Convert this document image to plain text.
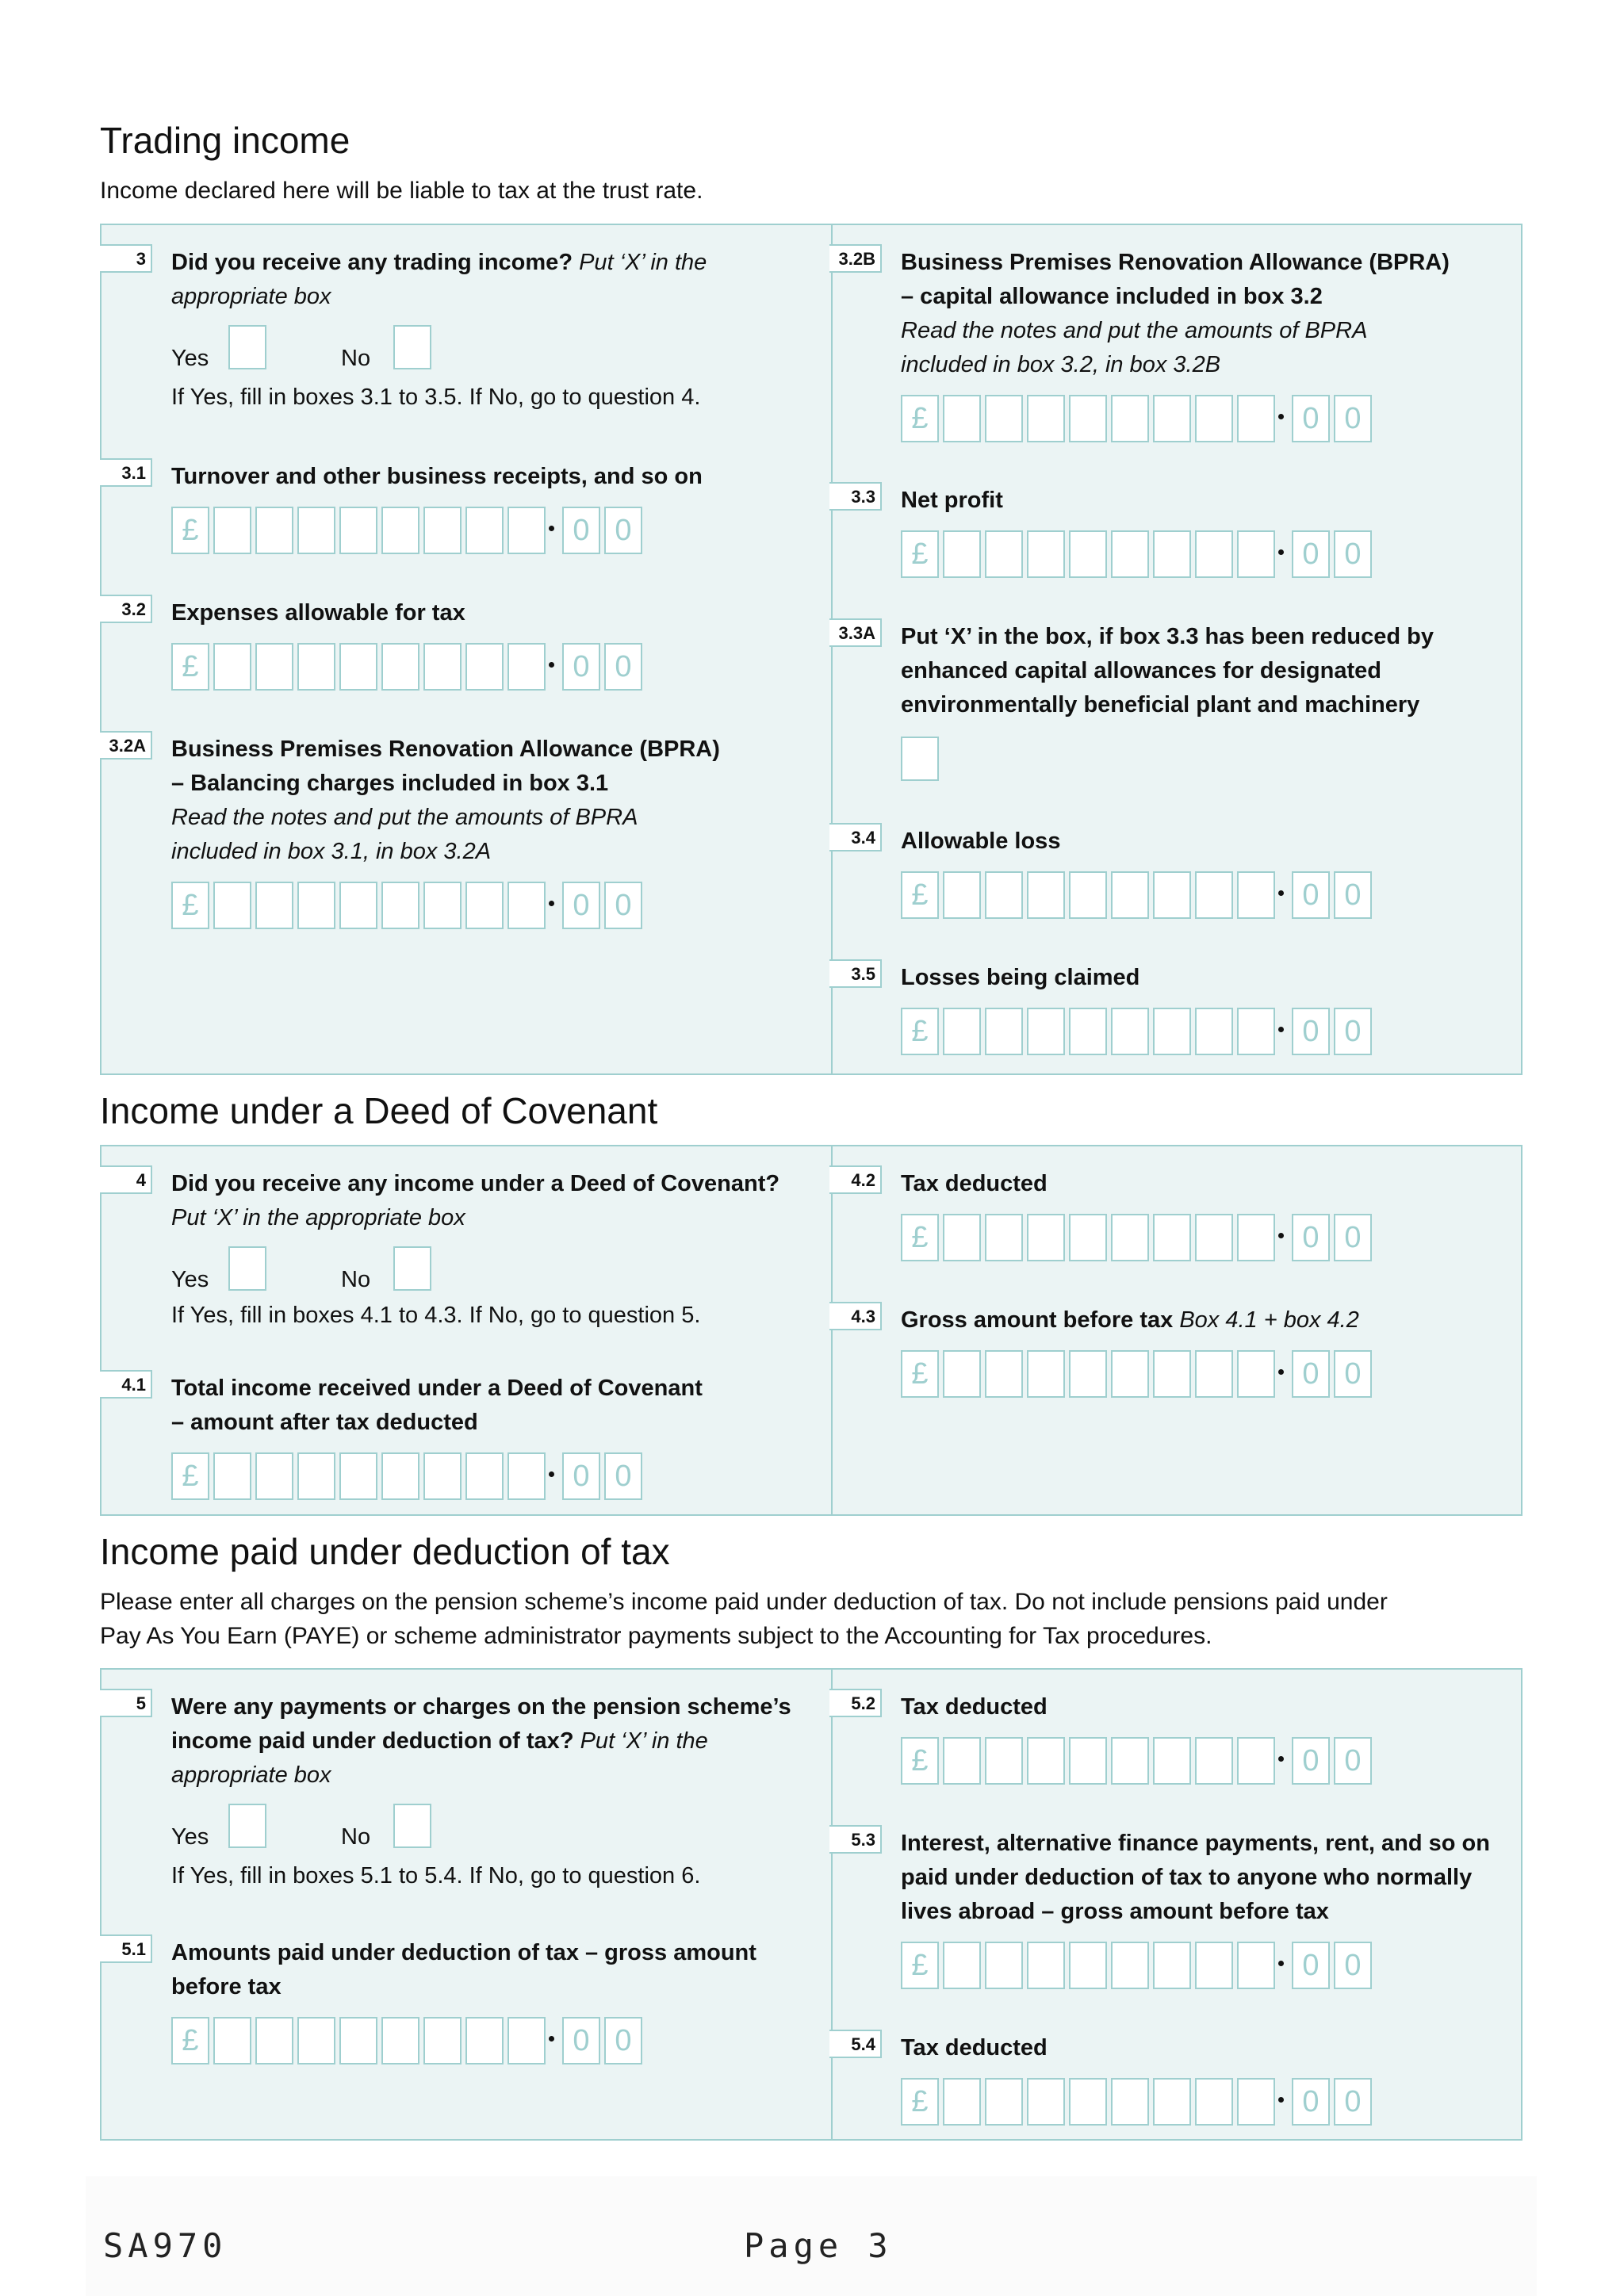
Trading income

Income declared here will be liable to tax at the trust rate.

3 Did you receive any trading income? Put ‘X’ in the appropriate box
Yes	No
If Yes, fill in boxes 3.1 to 3.5. If No, go to question 4.
3.1 Turnover and other business receipts, and so on
£	0 0
3.2 Expenses allowable for tax
£	0 0
3.2A Business Premises Renovation Allowance (BPRA)
– Balancing charges included in box 3.1
Read the notes and put the amounts of BPRA included in box 3.1, in box 3.2A
£	0 0
3.2B Business Premises Renovation Allowance (BPRA)
– capital allowance included in box 3.2
Read the notes and put the amounts of BPRA included in box 3.2, in box 3.2B
£	0 0
3.3 Net profit
£	0 0
3.3A Put ‘X’ in the box, if box 3.3 has been reduced by enhanced capital allowances for designated environmentally beneficial plant and machinery
3.4 Allowable loss
£	0 0
3.5 Losses being claimed
£	0 0
Income under a Deed of Covenant
4 Did you receive any income under a Deed of Covenant?
Put ‘X’ in the appropriate box
Yes	No
If Yes, fill in boxes 4.1 to 4.3. If No, go to question 5.
4.1 Total income received under a Deed of Covenant
– amount after tax deducted
£	0 0
4.2 Tax deducted
£	0 0
4.3 Gross amount before tax Box 4.1 + box 4.2
£	0 0
Income paid under deduction of tax

Please enter all charges on the pension scheme’s income paid under deduction of tax. Do not include pensions paid under

Pay As You Earn (PAYE) or scheme administrator payments subject to the Accounting for Tax procedures.

5 Were any payments or charges on the pension scheme’s
income paid under deduction of tax? Put ‘X’ in the appropriate box
Yes	No
If Yes, fill in boxes 5.1 to 5.4. If No, go to question 6.
5.1 Amounts paid under deduction of tax – gross amount before tax
£	0 0
5.2 Tax deducted
£	0 0
5.3 Interest, alternative finance payments, rent, and so on paid under deduction of tax to anyone who normally lives abroad – gross amount before tax
£	0 0
5.4 Tax deducted
£	0 0
SA970	Page 3
